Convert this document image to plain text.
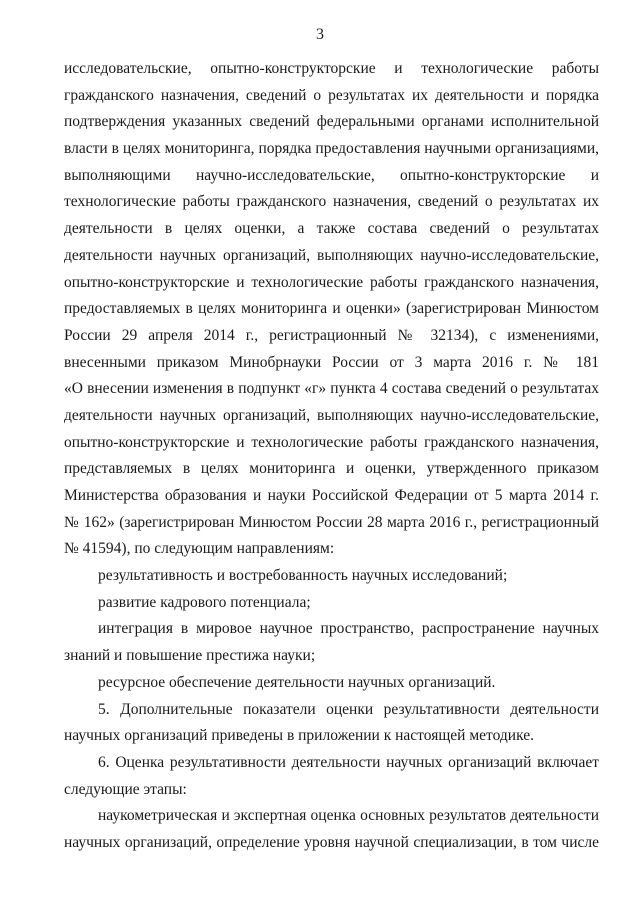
3
исследовательские, опытно-конструкторские и технологические работы
гражданского назначения, сведений о результатах их деятельности и порядка
подтверждения указанных сведений федеральными органами исполнительной
власти в целях мониторинга, порядка предоставления научными организациями,
выполняющими научно-исследовательские, опытно-конструкторские и
технологические работы гражданского назначения, сведений о результатах их
деятельности в целях оценки, а также состава сведений о результатах
деятельности научных организаций, выполняющих научно-исследовательские,
опытно-конструкторские и технологические работы гражданского назначения,
предоставляемых в целях мониторинга и оценки» (зарегистрирован Минюстом
России 29 апреля 2014 г., регистрационный № 32134), с изменениями,
внесенными приказом Минобрнауки России от 3 марта 2016 г. № 181
«О внесении изменения в подпункт «г» пункта 4 состава сведений о результатах
деятельности научных организаций, выполняющих научно-исследовательские,
опытно-конструкторские и технологические работы гражданского назначения,
представляемых в целях мониторинга и оценки, утвержденного приказом
Министерства образования и науки Российской Федерации от 5 марта 2014 г.
№ 162» (зарегистрирован Минюстом России 28 марта 2016 г., регистрационный
№ 41594), по следующим направлениям:
результативность и востребованность научных исследований;
развитие кадрового потенциала;
интеграция в мировое научное пространство, распространение научных
знаний и повышение престижа науки;
ресурсное обеспечение деятельности научных организаций.
5. Дополнительные показатели оценки результативности деятельности
научных организаций приведены в приложении к настоящей методике.
6. Оценка результативности деятельности научных организаций включает
следующие этапы:
наукометрическая и экспертная оценка основных результатов деятельности
научных организаций, определение уровня научной специализации, в том числе
